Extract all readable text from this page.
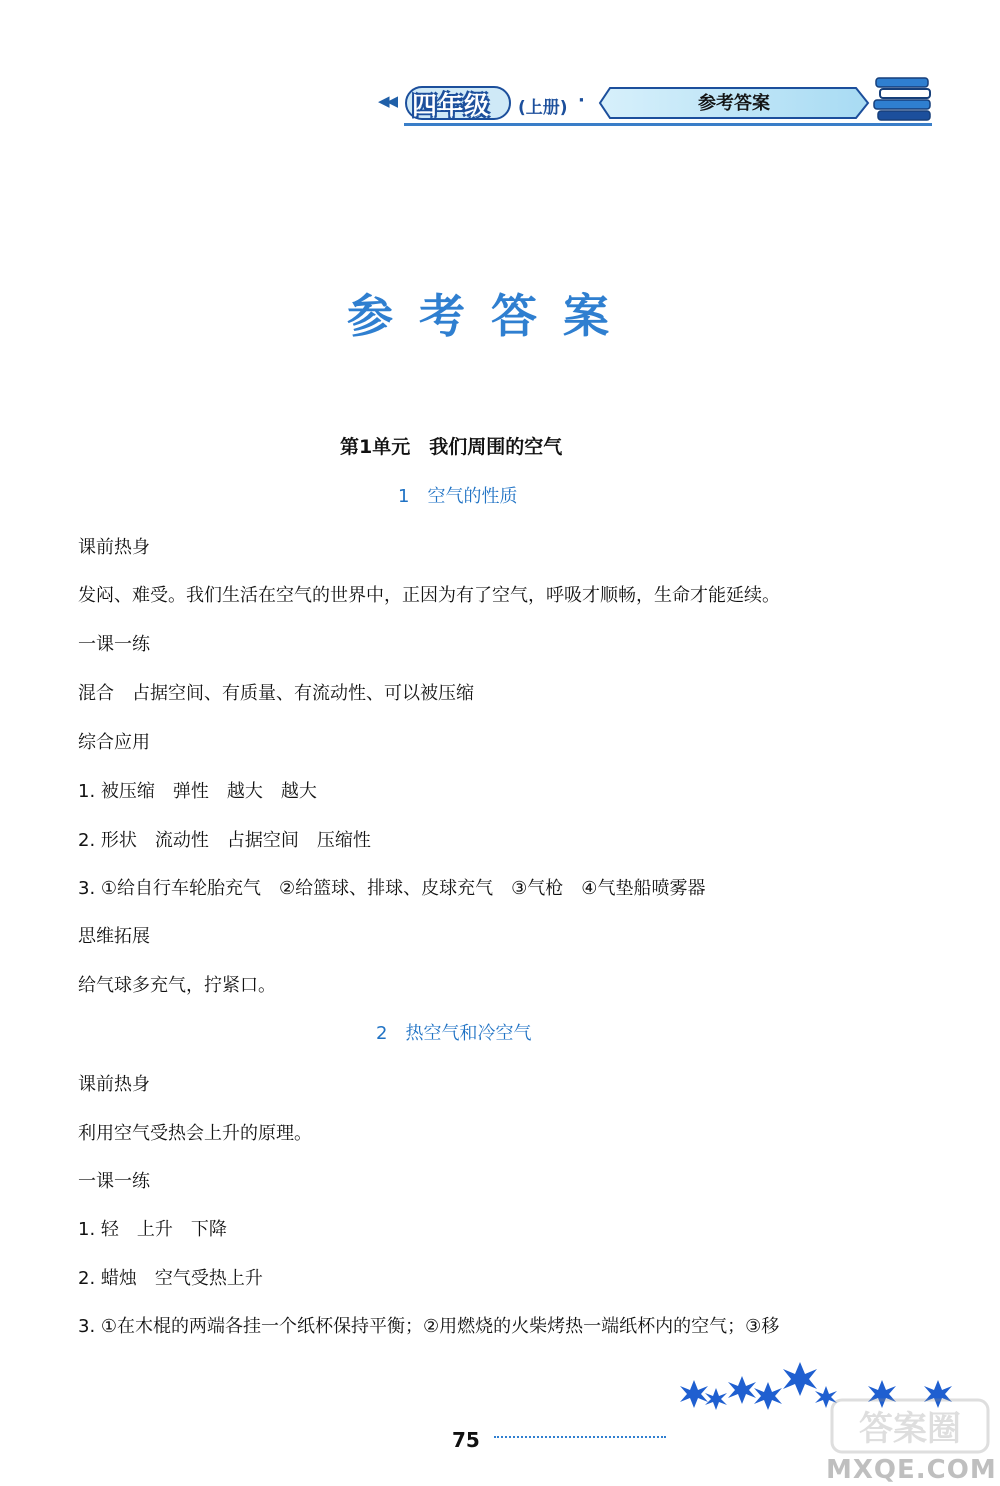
◀◀ 四年级 (上册) ·	参考答案
参考答案
第1单元　我们周围的空气
1　空气的性质
课前热身
发闷、难受。我们生活在空气的世界中，正因为有了空气，呼吸才顺畅，生命才能延续。
一课一练
混合　占据空间、有质量、有流动性、可以被压缩
综合应用
1. 被压缩　弹性　越大　越大
2. 形状　流动性　占据空间　压缩性
3. ①给自行车轮胎充气　②给篮球、排球、皮球充气　③气枪　④气垫船喷雾器
思维拓展
给气球多充气，拧紧口。
2　热空气和冷空气
课前热身
利用空气受热会上升的原理。
一课一练
1. 轻　上升　下降
2. 蜡烛　空气受热上升
3. ①在木棍的两端各挂一个纸杯保持平衡；②用燃烧的火柴烤热一端纸杯内的空气；③移
75	答案圈
MXQE.COM
